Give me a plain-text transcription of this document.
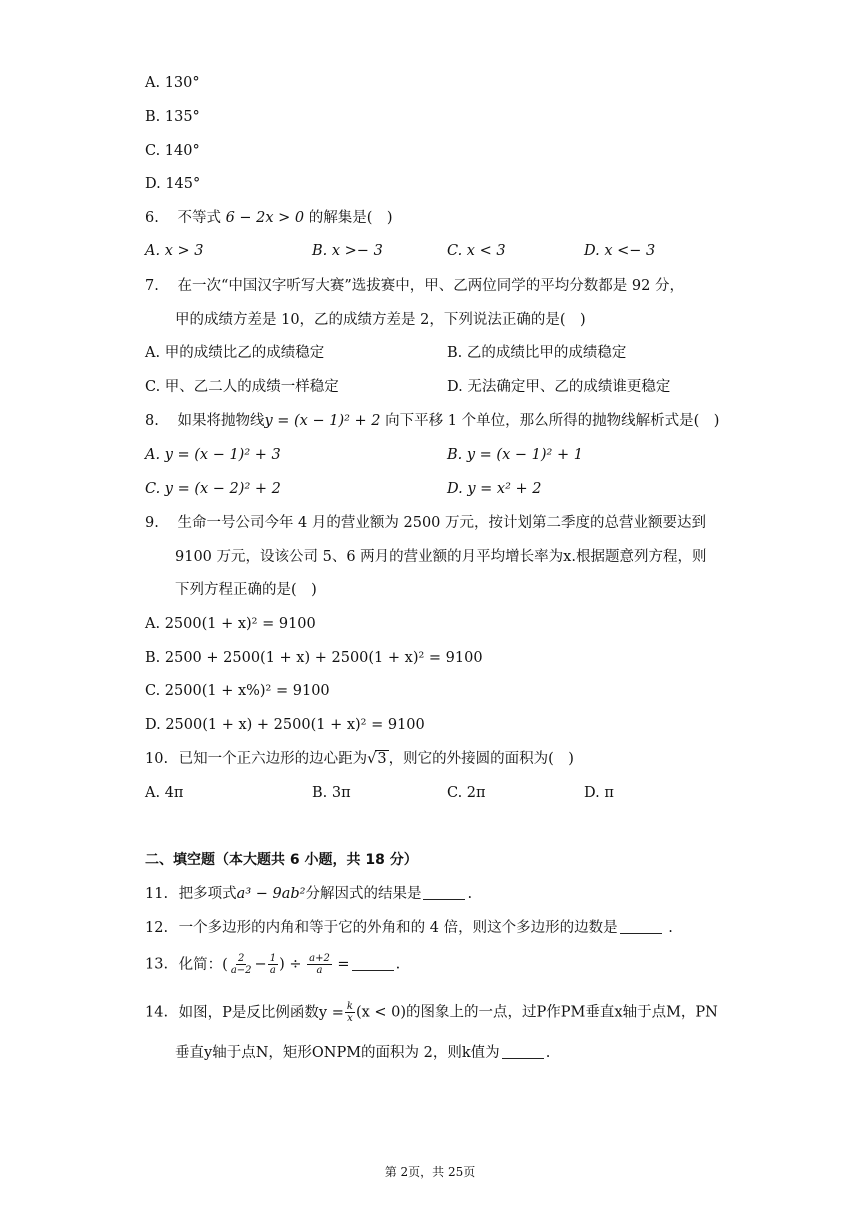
A. 130°
B. 135°
C. 140°
D. 145°
6. 不等式 6 − 2x > 0 的解集是(　)
A. x > 3	B. x >− 3	C. x < 3	D. x <− 3
7. 在一次“中国汉字听写大赛”选拔赛中，甲、乙两位同学的平均分数都是 92 分，
甲的成绩方差是 10，乙的成绩方差是 2，下列说法正确的是(　)
A. 甲的成绩比乙的成绩稳定	B. 乙的成绩比甲的成绩稳定
C. 甲、乙二人的成绩一样稳定	D. 无法确定甲、乙的成绩谁更稳定
8. 如果将抛物线y = (x − 1)² + 2 向下平移 1 个单位，那么所得的抛物线解析式是(　)
A. y = (x − 1)² + 3	B. y = (x − 1)² + 1
C. y = (x − 2)² + 2	D. y = x² + 2
9. 生命一号公司今年 4 月的营业额为 2500 万元，按计划第二季度的总营业额要达到
9100 万元，设该公司 5、6 两月的营业额的月平均增长率为x.根据题意列方程，则
下列方程正确的是(　)
A. 2500(1 + x)² = 9100
B. 2500 + 2500(1 + x) + 2500(1 + x)² = 9100
C. 2500(1 + x%)² = 9100
D. 2500(1 + x) + 2500(1 + x)² = 9100
10. 已知一个正六边形的边心距为√3 ，则它的外接圆的面积为(　)
A. 4π	B. 3π	C. 2π	D. π
二、填空题（本大题共 6 小题，共 18 分）
11. 把多项式a³ − 9ab²分解因式的结果是	.
12. 一个多边形的内角和等于它的外角和的 4 倍，则这个多边形的边数是	.
13. 化简：( $\frac{2}{a-2} - \frac{1}{a}$ ) ÷ $\frac{a+2}{a}$ =	.
14. 如图，P是反比例函数$y = \frac{k}{x} (x < 0)$的图象上的一点，过P作PM垂直x轴于点M，PN
垂直y轴于点N，矩形ONPM的面积为 2，则k值为	.
第 2页，共 25页
